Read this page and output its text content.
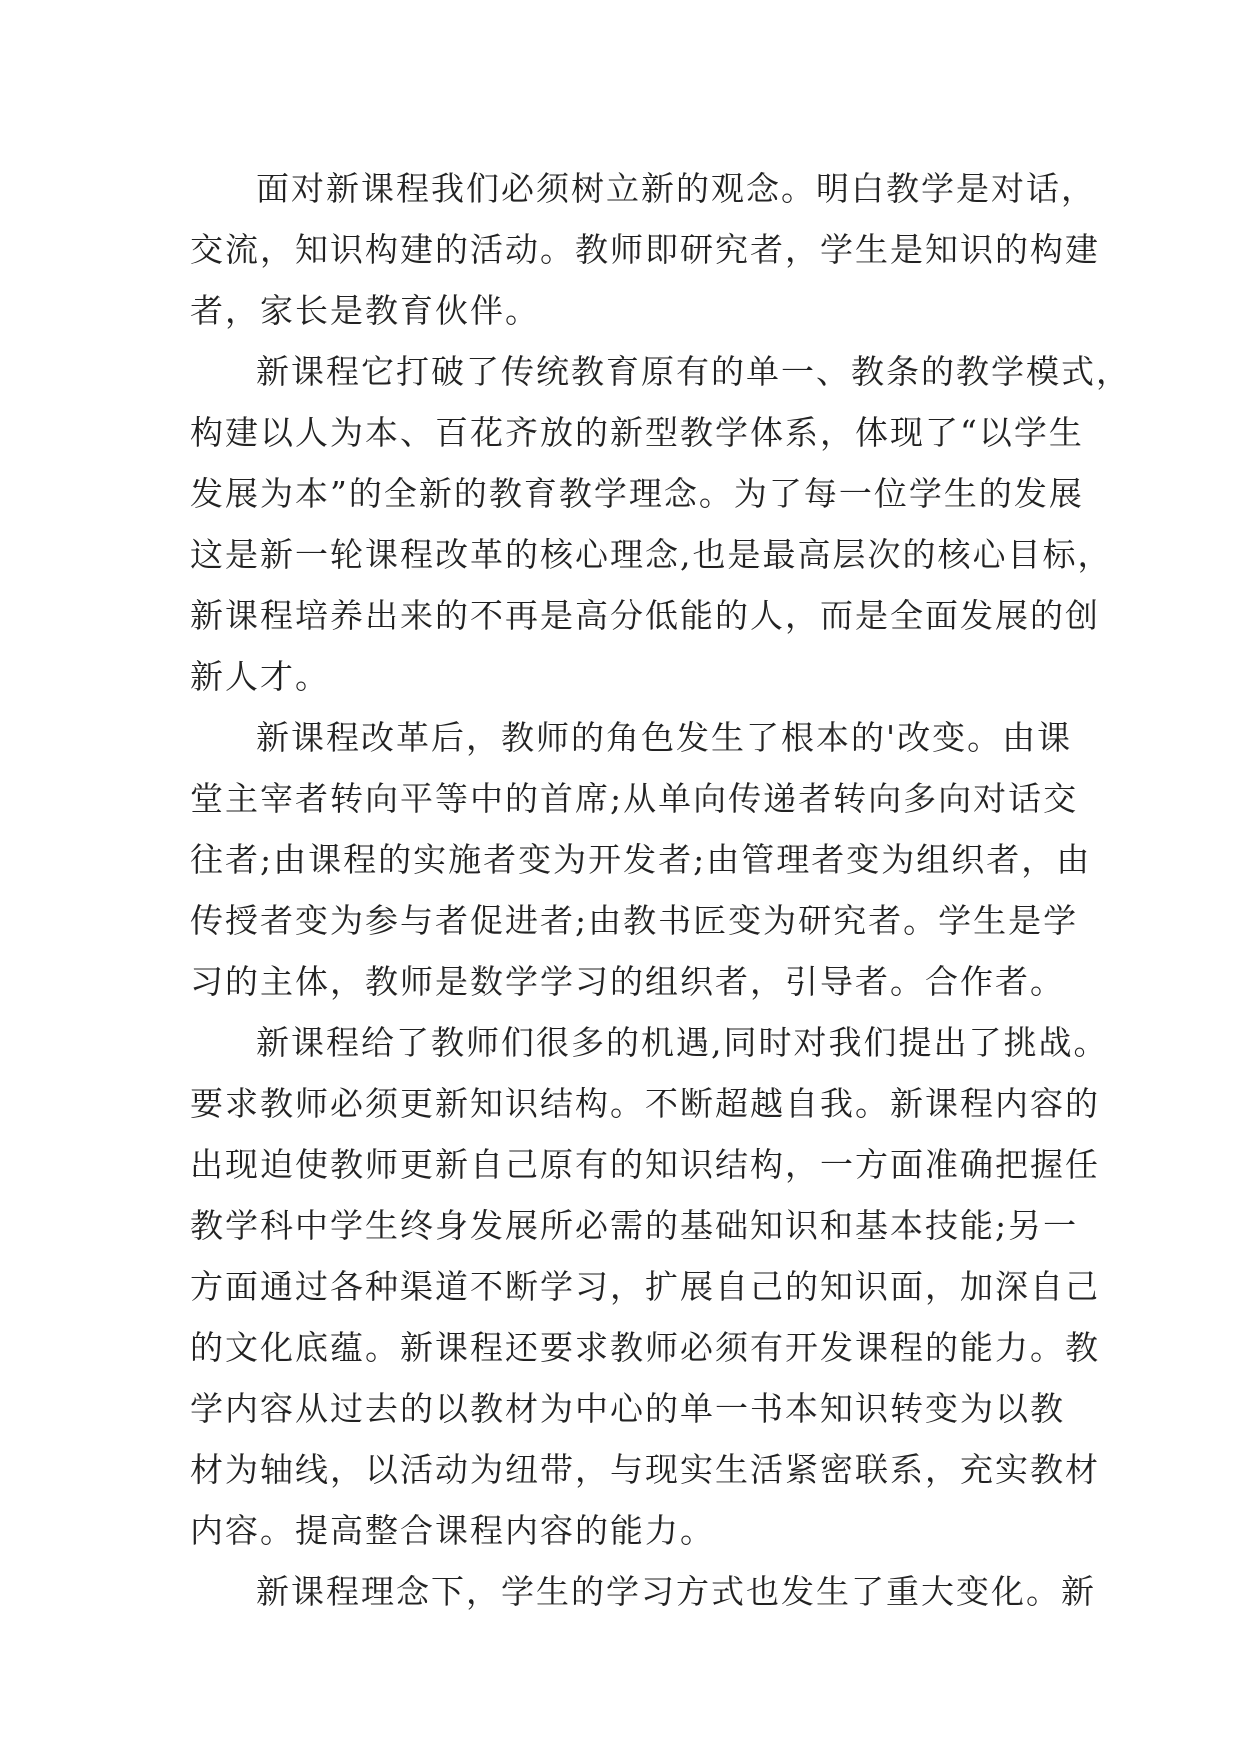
面对新课程我们必须树立新的观念。明白教学是对话，
交流，知识构建的活动。教师即研究者，学生是知识的构建
者，家长是教育伙伴。
新课程它打破了传统教育原有的单一、教条的教学模式，
构建以人为本、百花齐放的新型教学体系，体现了“以学生
发展为本”的全新的教育教学理念。为了每一位学生的发展
这是新一轮课程改革的核心理念,也是最高层次的核心目标，
新课程培养出来的不再是高分低能的人，而是全面发展的创
新人才。
新课程改革后，教师的角色发生了根本的'改变。由课
堂主宰者转向平等中的首席;从单向传递者转向多向对话交
往者;由课程的实施者变为开发者;由管理者变为组织者，由
传授者变为参与者促进者;由教书匠变为研究者。学生是学
习的主体，教师是数学学习的组织者，引导者。合作者。
新课程给了教师们很多的机遇,同时对我们提出了挑战。
要求教师必须更新知识结构。不断超越自我。新课程内容的
出现迫使教师更新自己原有的知识结构，一方面准确把握任
教学科中学生终身发展所必需的基础知识和基本技能;另一
方面通过各种渠道不断学习，扩展自己的知识面，加深自己
的文化底蕴。新课程还要求教师必须有开发课程的能力。教
学内容从过去的以教材为中心的单一书本知识转变为以教
材为轴线，以活动为纽带，与现实生活紧密联系，充实教材
内容。提高整合课程内容的能力。
新课程理念下，学生的学习方式也发生了重大变化。新
